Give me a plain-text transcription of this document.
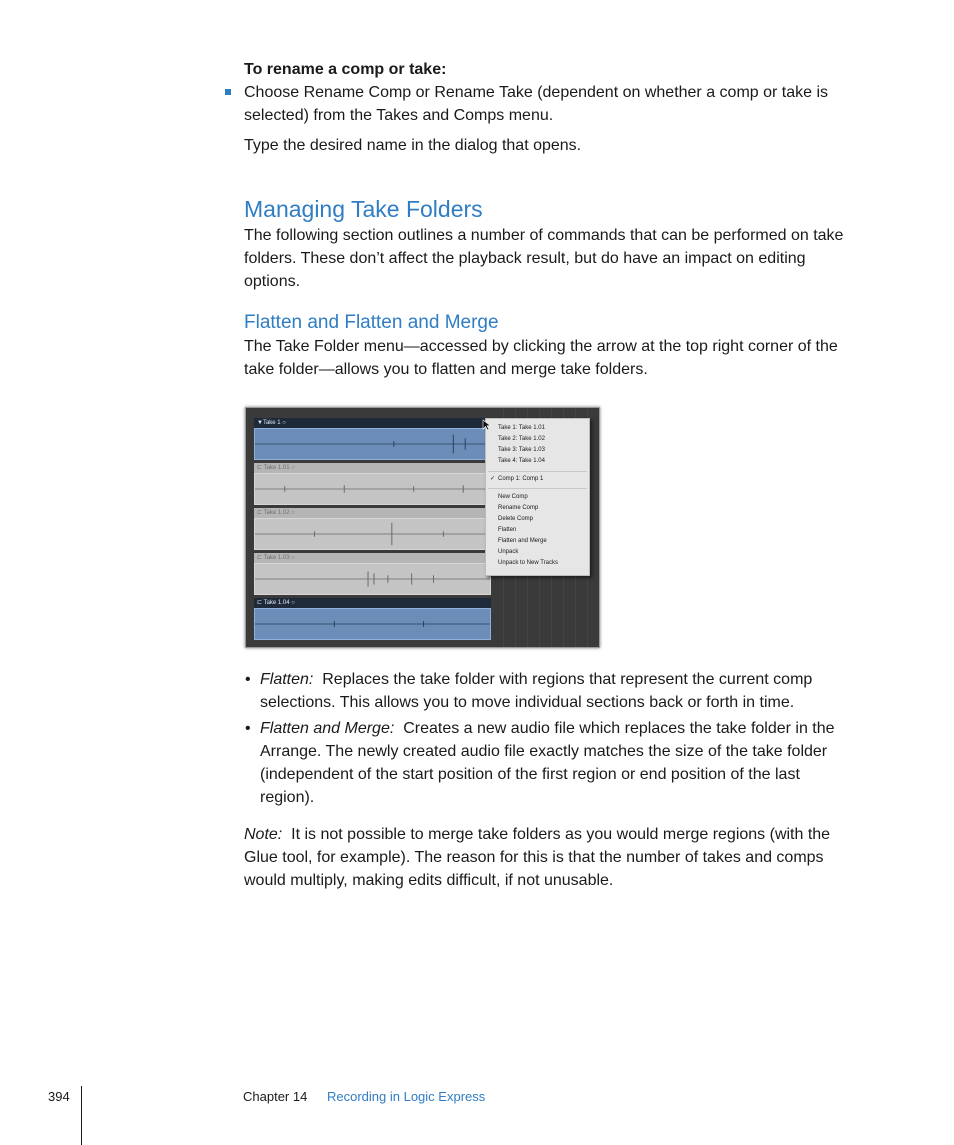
To rename a comp or take:
Choose Rename Comp or Rename Take (dependent on whether a comp or take is
selected) from the Takes and Comps menu.
Type the desired name in the dialog that opens.
Managing Take Folders
The following section outlines a number of commands that can be performed on take
folders. These don’t affect the playback result, but do have an impact on editing
options.
Flatten and Flatten and Merge
The Take Folder menu—accessed by clicking the arrow at the top right corner of the
take folder—allows you to flatten and merge take folders.
▼Take 1 ○
⊏ Take 1.01 ○
⊏ Take 1.02 ○
⊏ Take 1.03 ○
⊏ Take 1.04 ○
Take 1: Take 1.01
Take 2: Take 1.02
Take 3: Take 1.03
Take 4: Take 1.04
✓ Comp 1: Comp 1
New Comp
Rename Comp
Delete Comp
Flatten
Flatten and Merge
Unpack
Unpack to New Tracks
• Flatten: Replaces the take folder with regions that represent the current comp
selections. This allows you to move individual sections back or forth in time.
• Flatten and Merge: Creates a new audio file which replaces the take folder in the
Arrange. The newly created audio file exactly matches the size of the take folder
(independent of the start position of the first region or end position of the last
region).
Note: It is not possible to merge take folders as you would merge regions (with the
Glue tool, for example). The reason for this is that the number of takes and comps
would multiply, making edits difficult, if not unusable.
394	Chapter 14 Recording in Logic Express
